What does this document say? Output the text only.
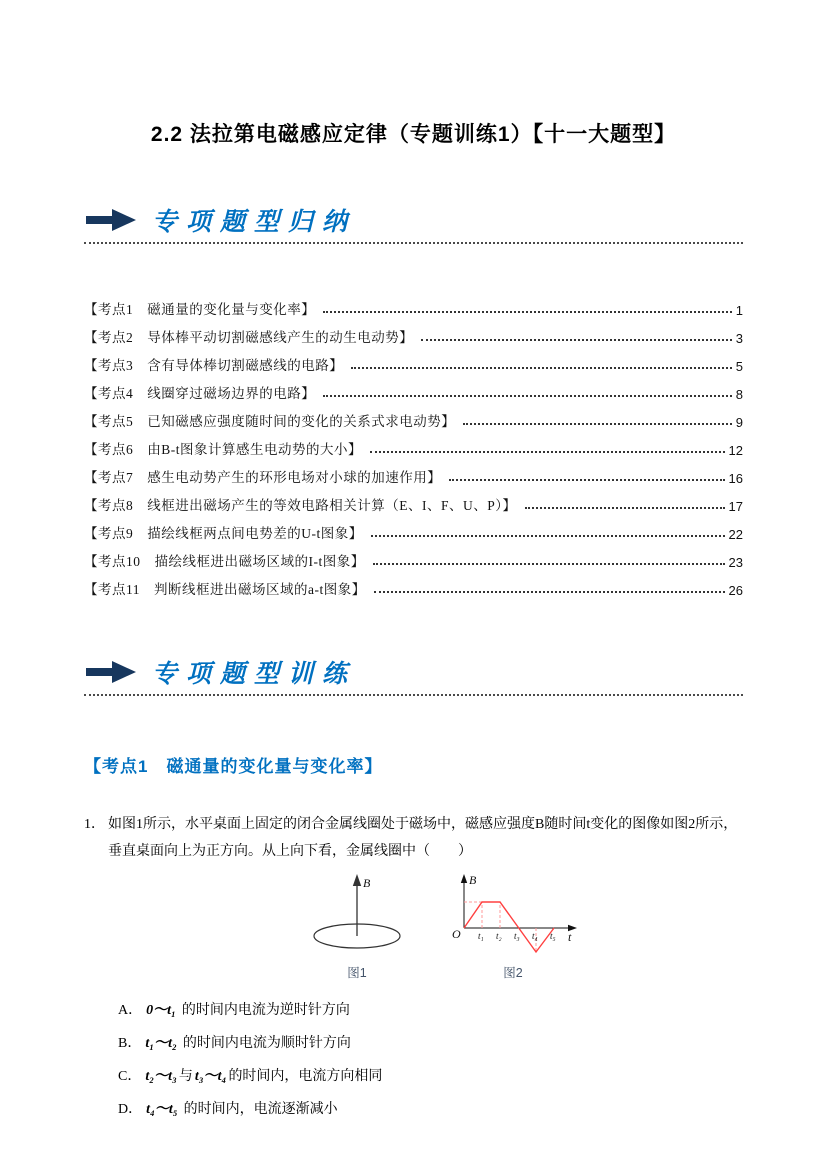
2.2 法拉第电磁感应定律（专题训练1）【十一大题型】
专项题型归纳
【考点1　磁通量的变化量与变化率】	1
【考点2　导体棒平动切割磁感线产生的动生电动势】	3
【考点3　含有导体棒切割磁感线的电路】	5
【考点4　线圈穿过磁场边界的电路】	8
【考点5　已知磁感应强度随时间的变化的关系式求电动势】	9
【考点6　由B-t图象计算感生电动势的大小】	12
【考点7　感生电动势产生的环形电场对小球的加速作用】	16
【考点8　线框进出磁场产生的等效电路相关计算（E、I、F、U、P）】	17
【考点9　描绘线框两点间电势差的U-t图象】	22
【考点10　描绘线框进出磁场区域的I-t图象】	23
【考点11　判断线框进出磁场区域的a-t图象】	26
专项题型训练
【考点1　磁通量的变化量与变化率】
1． 如图1所示，水平桌面上固定的闭合金属线圈处于磁场中，磁感应强度B随时间t变化的图像如图2所示，垂直桌面向上为正方向。从上向下看，金属线圈中（　　）
B
图1
B
t
O t₁ t₂ t₃ t₄ t₅
图2
A． 0～t₁ 的时间内电流为逆时针方向
B． t₁～t₂ 的时间内电流为顺时针方向
C． t₂～t₃ 与 t₃～t₄ 的时间内，电流方向相同
D． t₄～t₅ 的时间内，电流逐渐减小
